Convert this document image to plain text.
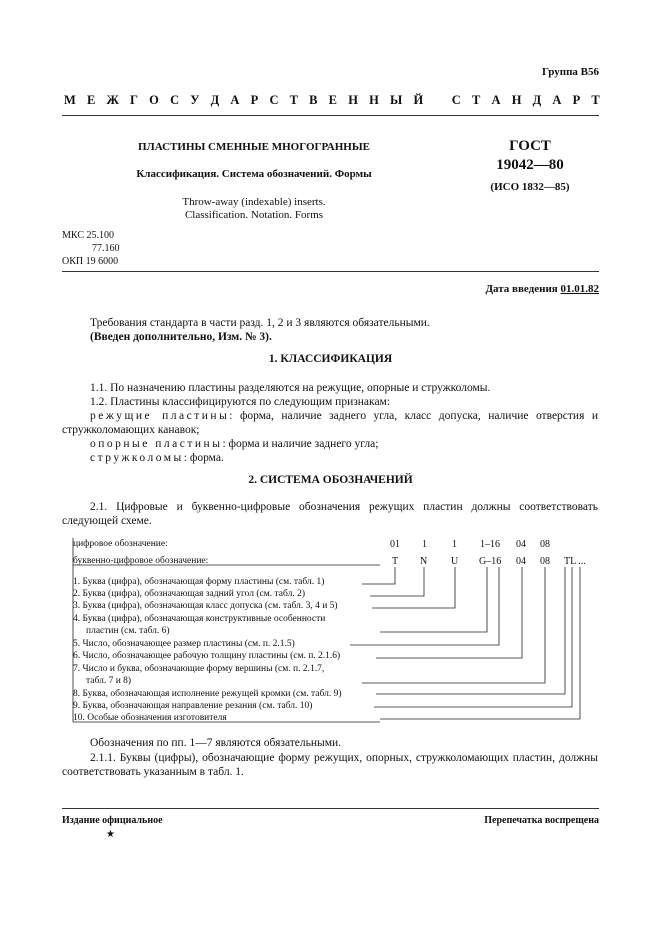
Группа В56
М Е Ж Г О С У Д А Р С Т В Е Н Н Ы Й
С Т А Н Д А Р Т
ПЛАСТИНЫ СМЕННЫЕ МНОГОГРАННЫЕ
Классификация. Система обозначений. Формы
Throw-away (indexable) inserts.
Classification. Notation. Forms
ГОСТ
19042—80
(ИСО 1832—85)
МКС 25.100
77.160
ОКП 19 6000
Дата введения 01.01.82
Требования стандарта в части разд. 1, 2 и 3 являются обязательными.
(Введен дополнительно, Изм. № 3).
1. КЛАССИФИКАЦИЯ
1.1. По назначению пластины разделяются на режущие, опорные и стружколомы.
1.2. Пластины классифицируются по следующим признакам:
режущие пластины: форма, наличие заднего угла, класс допуска, наличие отверстия и стружколомающих канавок;
опорные пластины: форма и наличие заднего угла;
стружколомы: форма.
2. СИСТЕМА ОБОЗНАЧЕНИЙ
2.1. Цифровые и буквенно-цифровые обозначения режущих пластин должны соответствовать следующей схеме.
цифровое обозначение:
буквенно-цифровое обозначение:
01 1	1 1–16 04 08
T N U G–16 04 08 TL ...
1. Буква (цифра), обозначающая форму пластины (см. табл. 1)
2. Буква (цифра), обозначающая задний угол (см. табл. 2)
3. Буква (цифра), обозначающая класс допуска (см. табл. 3, 4 и 5)
4. Буква (цифра), обозначающая конструктивные особенности
пластин (см. табл. 6)
5. Число, обозначающее размер пластины (см. п. 2.1.5)
6. Число, обозначающее рабочую толщину пластины (см. п. 2.1.6)
7. Число и буква, обозначающие форму вершины (см. п. 2.1.7,
табл. 7 и 8)
8. Буква, обозначающая исполнение режущей кромки (см. табл. 9)
9. Буква, обозначающая направление резания (см. табл. 10)
10. Особые обозначения изготовителя
Обозначения по пп. 1—7 являются обязательными.
2.1.1. Буквы (цифры), обозначающие форму режущих, опорных, стружколомающих пластин, должны соответствовать указанным в табл. 1.
Издание официальное
★
Перепечатка воспрещена
